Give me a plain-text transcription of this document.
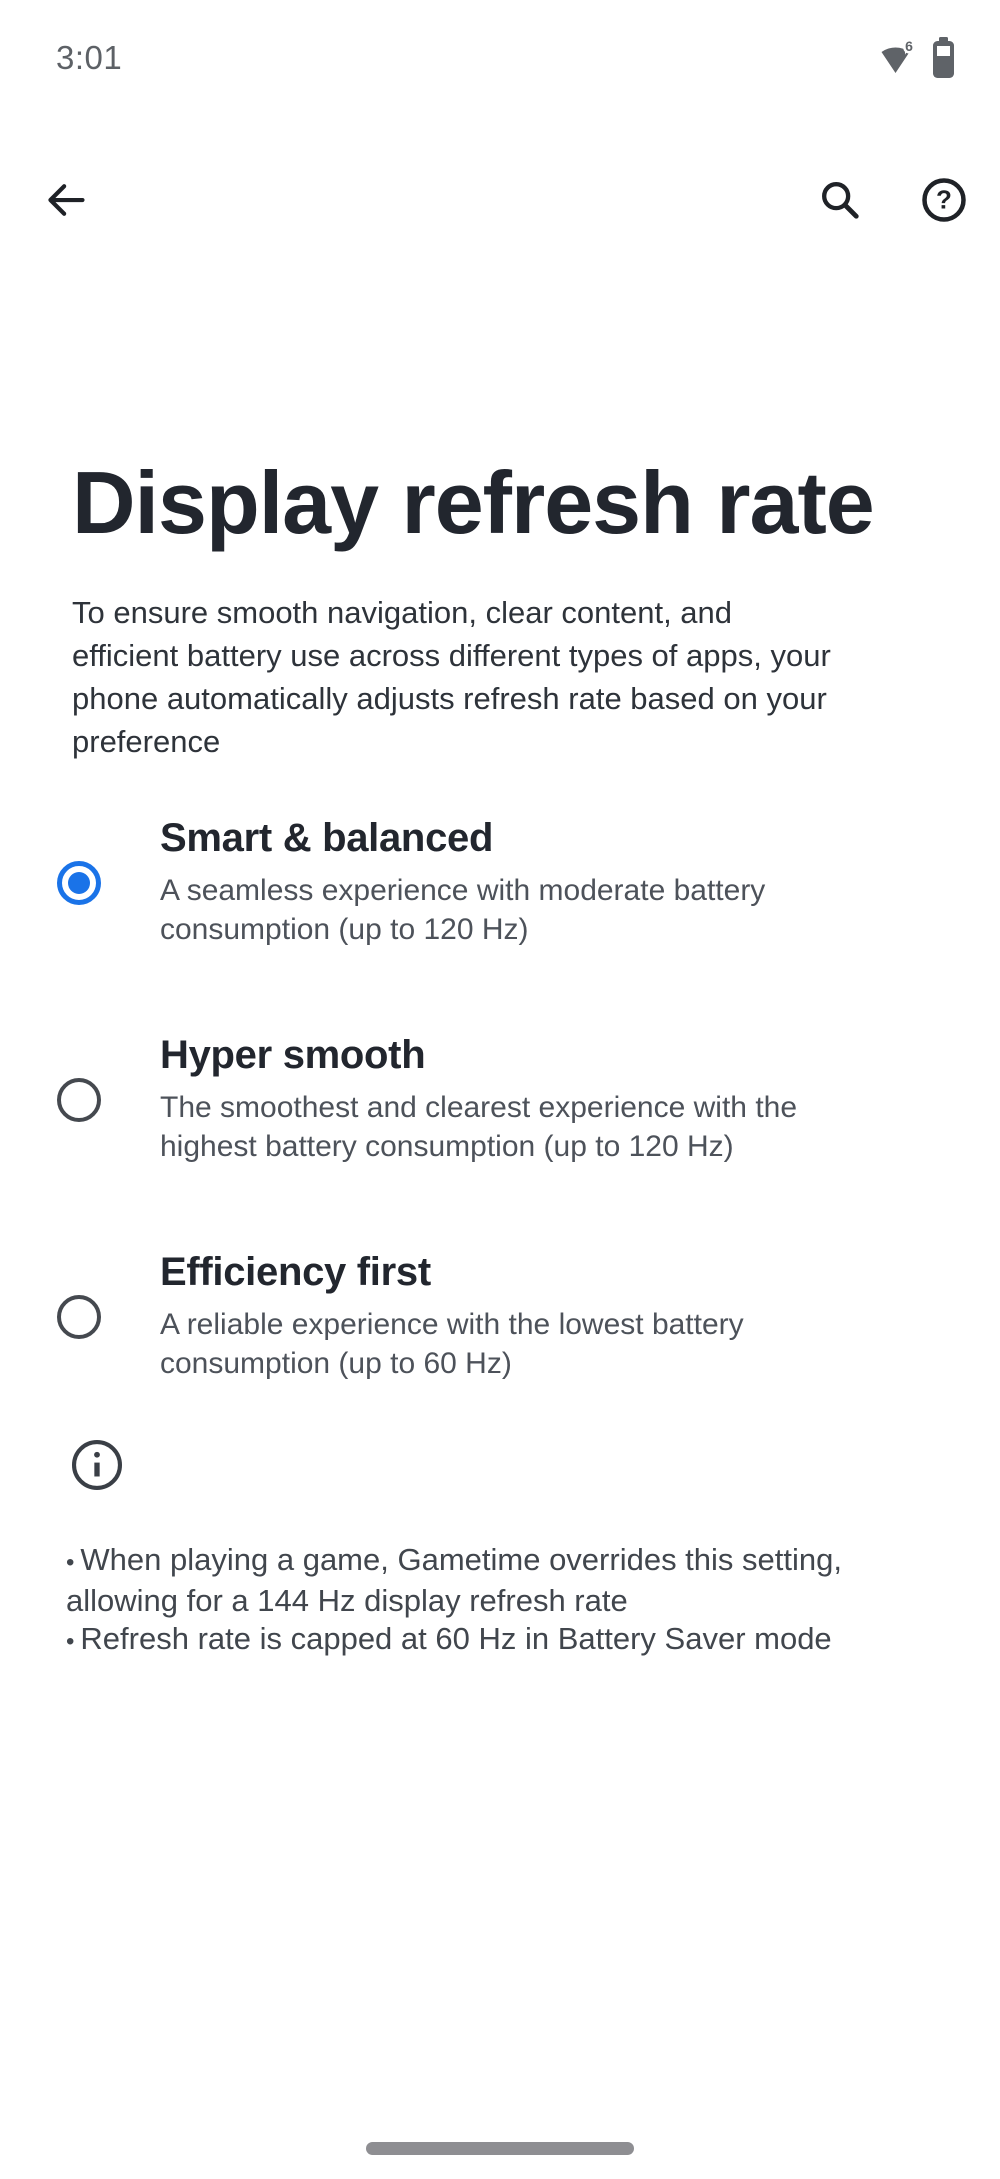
3:01	6
?
Display refresh rate

To ensure smooth navigation, clear content, and efficient battery use across different types of apps, your phone automatically adjusts refresh rate based on your preference

Smart & balanced
A seamless experience with moderate battery consumption (up to 120 Hz)
Hyper smooth
The smoothest and clearest experience with the highest battery consumption (up to 120 Hz)
Efficiency first
A reliable experience with the lowest battery consumption (up to 60 Hz)

• When playing a game, Gametime overrides this setting, allowing for a 144 Hz display refresh rate

• Refresh rate is capped at 60 Hz in Battery Saver mode
